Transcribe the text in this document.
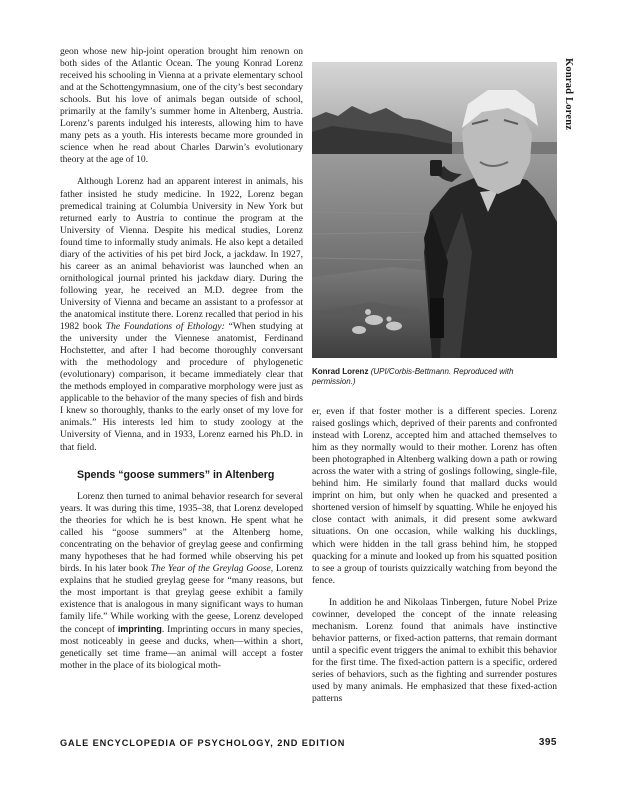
Konrad Lorenz

geon whose new hip-joint operation brought him renown on both sides of the Atlantic Ocean. The young Konrad Lorenz received his schooling in Vienna at a private elementary school and at the Schottengymnasium, one of the city’s best secondary schools. But his love of animals began outside of school, primarily at the family’s summer home in Altenberg, Austria. Lorenz’s parents indulged his interests, allowing him to have many pets as a youth. His interests became more grounded in science when he read about Charles Darwin’s evolutionary theory at the age of 10.

Although Lorenz had an apparent interest in animals, his father insisted he study medicine. In 1922, Lorenz began premedical training at Columbia University in New York but returned early to Austria to continue the program at the University of Vienna. Despite his medical studies, Lorenz found time to informally study animals. He also kept a detailed diary of the activities of his pet bird Jock, a jackdaw. In 1927, his career as an animal behaviorist was launched when an ornithological journal printed his jackdaw diary. During the following year, he received an M.D. degree from the University of Vienna and became an assistant to a professor at the anatomical institute there. Lorenz recalled that period in his 1982 book The Foundations of Ethology: “When studying at the university under the Viennese anatomist, Ferdinand Hochstetter, and after I had become thoroughly conversant with the methodology and procedure of phylogenetic (evolutionary) comparison, it became immediately clear that the methods employed in comparative morphology were just as applicable to the behavior of the many species of fish and birds I knew so thoroughly, thanks to the early onset of my love for animals.” His interests led him to study zoology at the University of Vienna, and in 1933, Lorenz earned his Ph.D. in that field.

Spends “goose summers” in Altenberg

Lorenz then turned to animal behavior research for several years. It was during this time, 1935–38, that Lorenz developed the theories for which he is best known. He spent what he called his “goose summers” at the Altenberg home, concentrating on the behavior of greylag geese and confirming many hypotheses that he had formed while observing his pet birds. In his later book The Year of the Greylag Goose, Lorenz explains that he studied greylag geese for “many reasons, but the most important is that greylag geese exhibit a family existence that is analogous in many significant ways to human family life.” While working with the geese, Lorenz developed the concept of imprinting. Imprinting occurs in many species, most noticeably in geese and ducks, when—within a short, genetically set time frame—an animal will accept a foster mother in the place of its biological moth-

Konrad Lorenz (UPI/Corbis-Bettmann. Reproduced with permission.)

er, even if that foster mother is a different species. Lorenz raised goslings which, deprived of their parents and confronted instead with Lorenz, accepted him and attached themselves to him as they normally would to their mother. Lorenz has often been photographed in Altenberg walking down a path or rowing across the water with a string of goslings following, single-file, behind him. He similarly found that mallard ducks would imprint on him, but only when he quacked and presented a shortened version of himself by squatting. While he enjoyed his close contact with animals, it did present some awkward situations. On one occasion, while walking his ducklings, which were hidden in the tall grass behind him, he stopped quacking for a minute and looked up from his squatted position to see a group of tourists quizzically watching from beyond the fence.

In addition he and Nikolaas Tinbergen, future Nobel Prize cowinner, developed the concept of the innate releasing mechanism. Lorenz found that animals have instinctive behavior patterns, or fixed-action patterns, that remain dormant until a specific event triggers the animal to exhibit this behavior for the first time. The fixed-action pattern is a specific, ordered series of behaviors, such as the fighting and surrender postures used by many animals. He emphasized that these fixed-action patterns

GALE ENCYCLOPEDIA OF PSYCHOLOGY, 2ND EDITION	395
